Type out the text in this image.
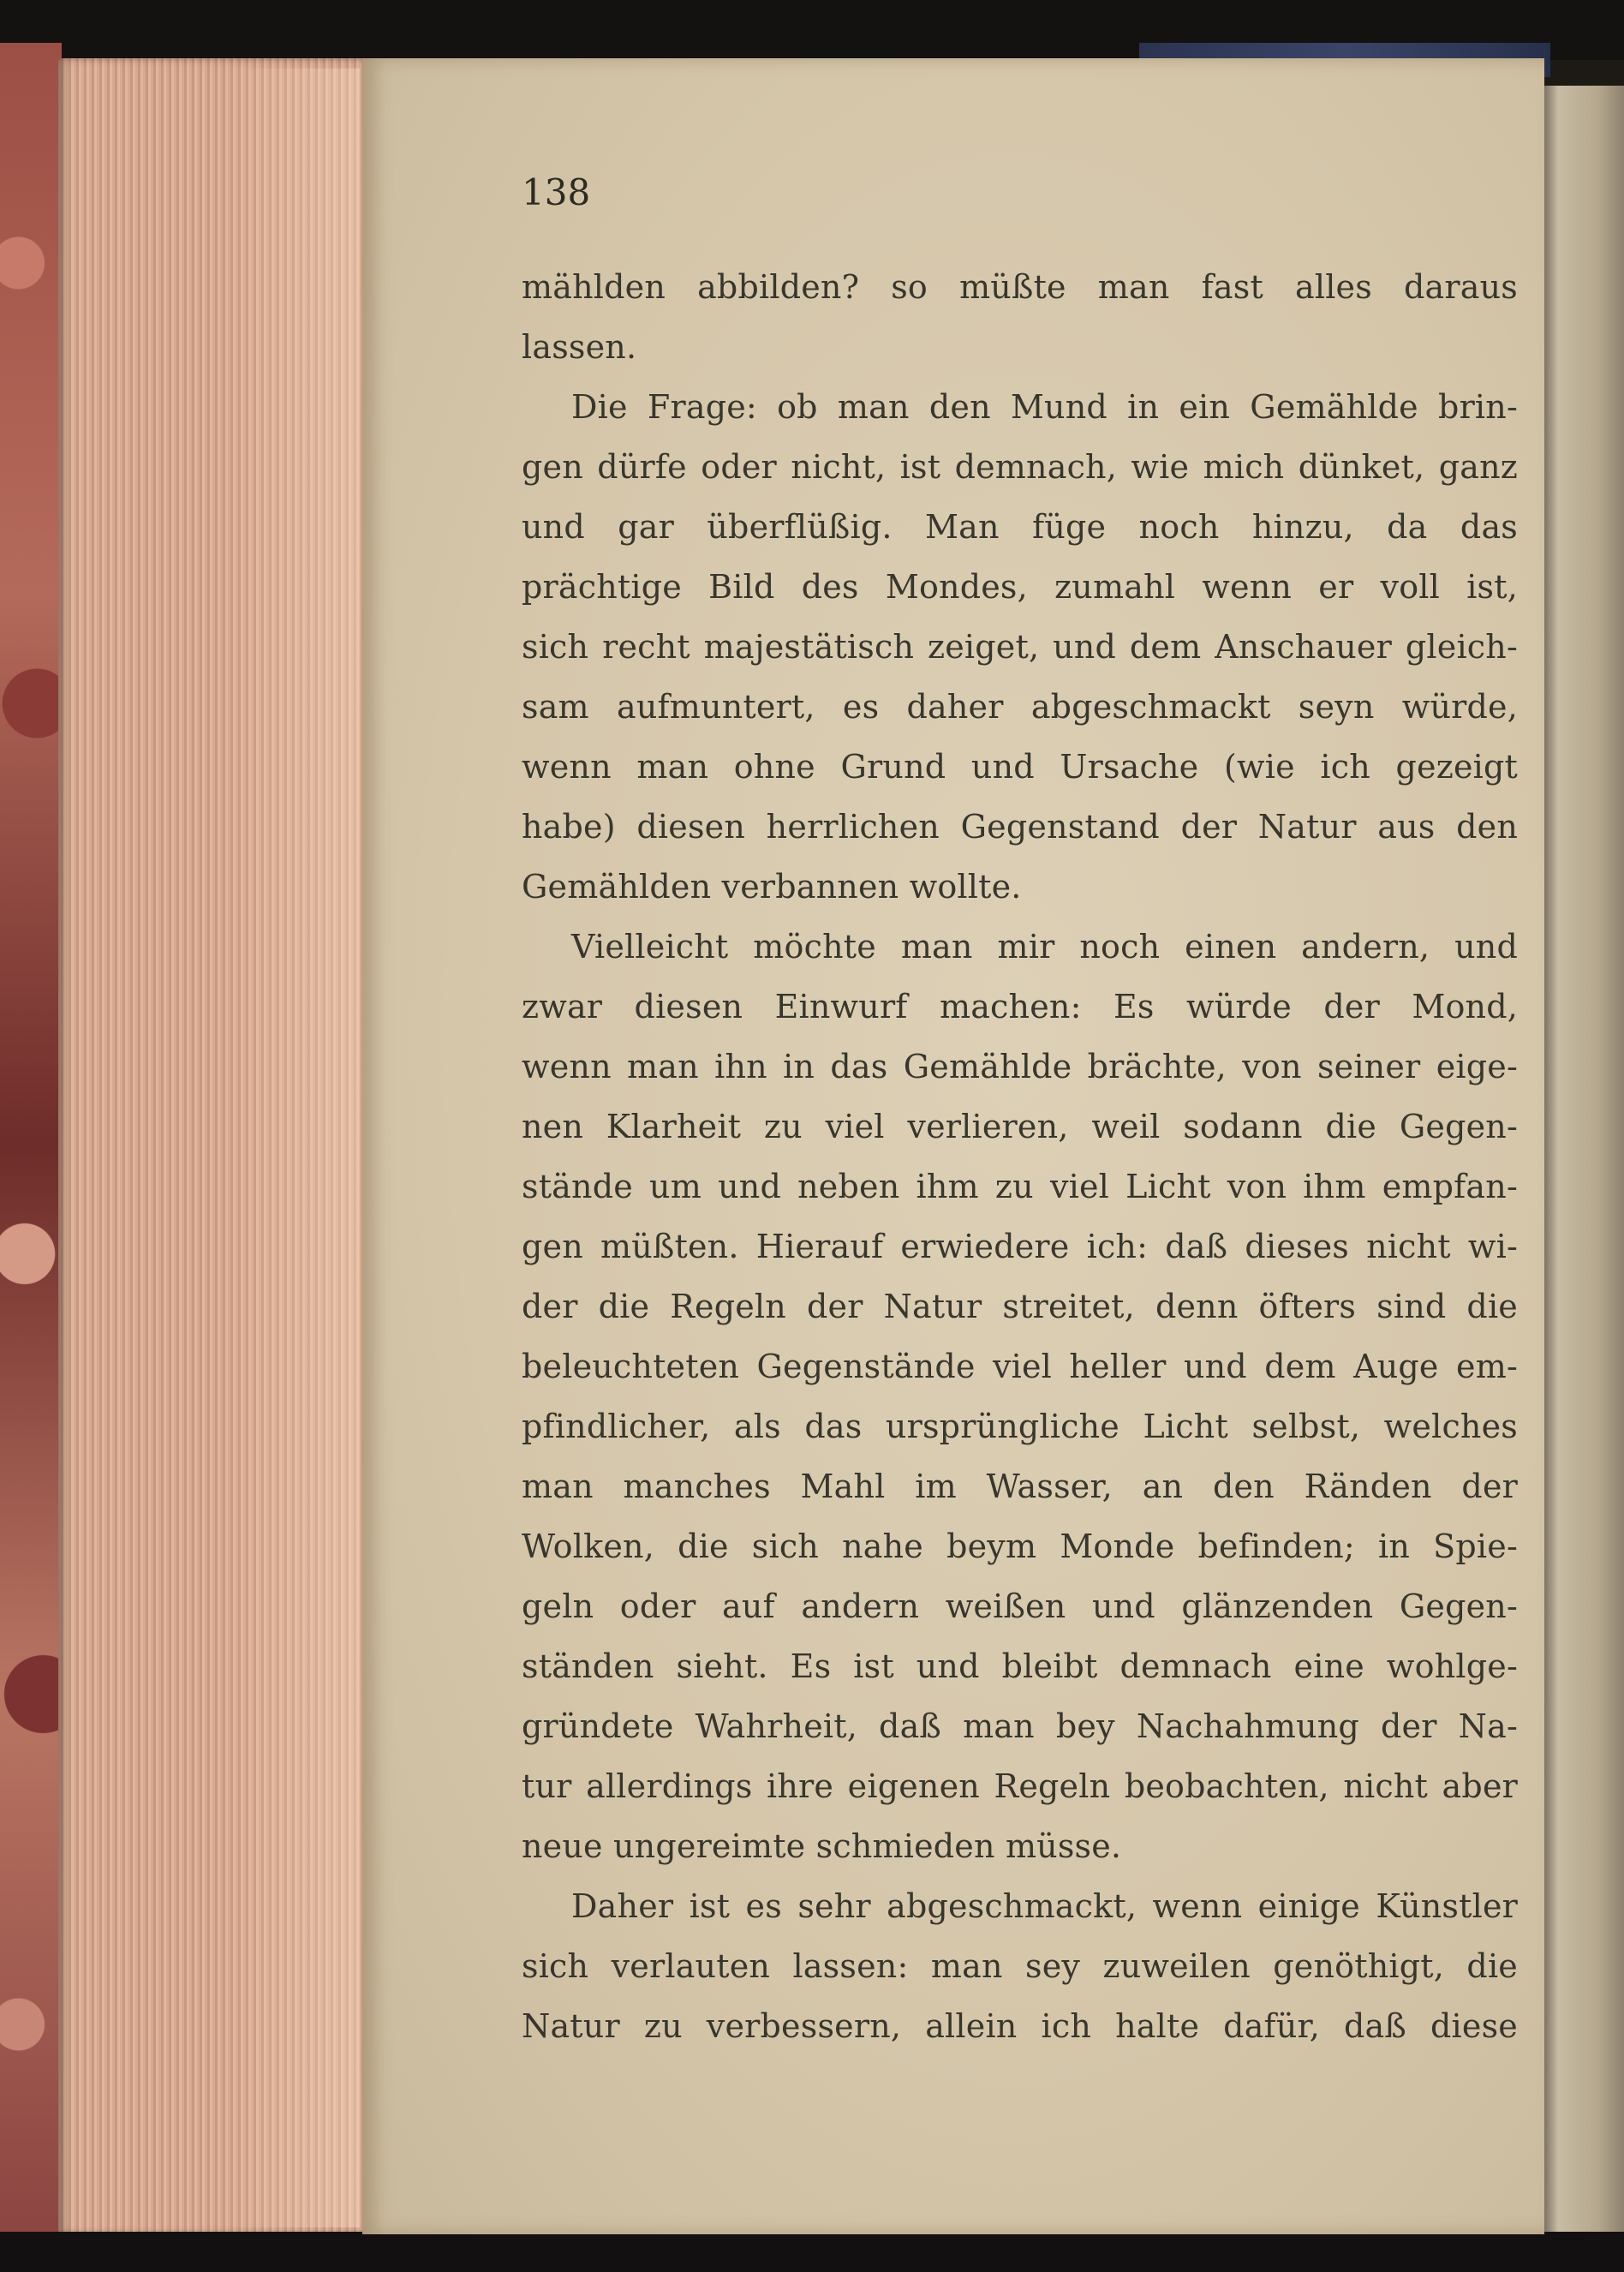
138
mählden abbilden? so müßte man fast alles daraus
lassen.
Die Frage: ob man den Mund in ein Gemählde brin-
gen dürfe oder nicht, ist demnach, wie mich dünket, ganz
und gar überflüßig. Man füge noch hinzu, da das
prächtige Bild des Mondes, zumahl wenn er voll ist,
sich recht majestätisch zeiget, und dem Anschauer gleich-
sam aufmuntert, es daher abgeschmackt seyn würde,
wenn man ohne Grund und Ursache (wie ich gezeigt
habe) diesen herrlichen Gegenstand der Natur aus den
Gemählden verbannen wollte.
Vielleicht möchte man mir noch einen andern, und
zwar diesen Einwurf machen: Es würde der Mond,
wenn man ihn in das Gemählde brächte, von seiner eige-
nen Klarheit zu viel verlieren, weil sodann die Gegen-
stände um und neben ihm zu viel Licht von ihm empfan-
gen müßten. Hierauf erwiedere ich: daß dieses nicht wi-
der die Regeln der Natur streitet, denn öfters sind die
beleuchteten Gegenstände viel heller und dem Auge em-
pfindlicher, als das ursprüngliche Licht selbst, welches
man manches Mahl im Wasser, an den Ränden der
Wolken, die sich nahe beym Monde befinden; in Spie-
geln oder auf andern weißen und glänzenden Gegen-
ständen sieht. Es ist und bleibt demnach eine wohlge-
gründete Wahrheit, daß man bey Nachahmung der Na-
tur allerdings ihre eigenen Regeln beobachten, nicht aber
neue ungereimte schmieden müsse.
Daher ist es sehr abgeschmackt, wenn einige Künstler
sich verlauten lassen: man sey zuweilen genöthigt, die
Natur zu verbessern, allein ich halte dafür, daß diese
